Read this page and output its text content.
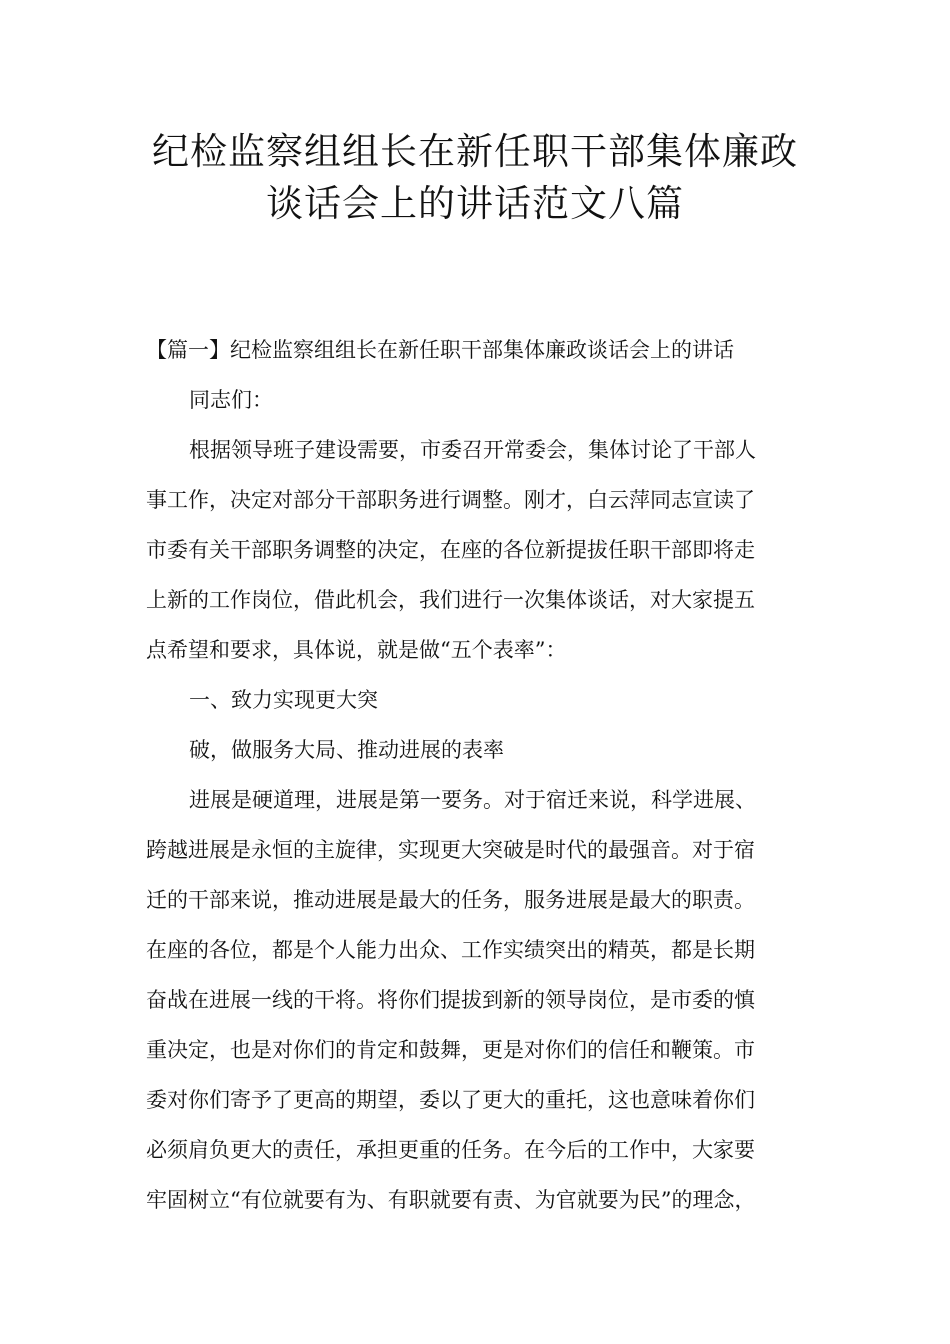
纪检监察组组长在新任职干部集体廉政
谈话会上的讲话范文八篇
【篇一】纪检监察组组长在新任职干部集体廉政谈话会上的讲话
同志们：
根据领导班子建设需要，市委召开常委会，集体讨论了干部人
事工作，决定对部分干部职务进行调整。刚才，白云萍同志宣读了
市委有关干部职务调整的决定，在座的各位新提拔任职干部即将走
上新的工作岗位，借此机会，我们进行一次集体谈话，对大家提五
点希望和要求，具体说，就是做“五个表率”：
一、致力实现更大突
破，做服务大局、推动进展的表率
进展是硬道理，进展是第一要务。对于宿迁来说，科学进展、
跨越进展是永恒的主旋律，实现更大突破是时代的最强音。对于宿
迁的干部来说，推动进展是最大的任务，服务进展是最大的职责。
在座的各位，都是个人能力出众、工作实绩突出的精英，都是长期
奋战在进展一线的干将。将你们提拔到新的领导岗位，是市委的慎
重决定，也是对你们的肯定和鼓舞，更是对你们的信任和鞭策。市
委对你们寄予了更高的期望，委以了更大的重托，这也意味着你们
必须肩负更大的责任，承担更重的任务。在今后的工作中，大家要
牢固树立“有位就要有为、有职就要有责、为官就要为民”的理念，
